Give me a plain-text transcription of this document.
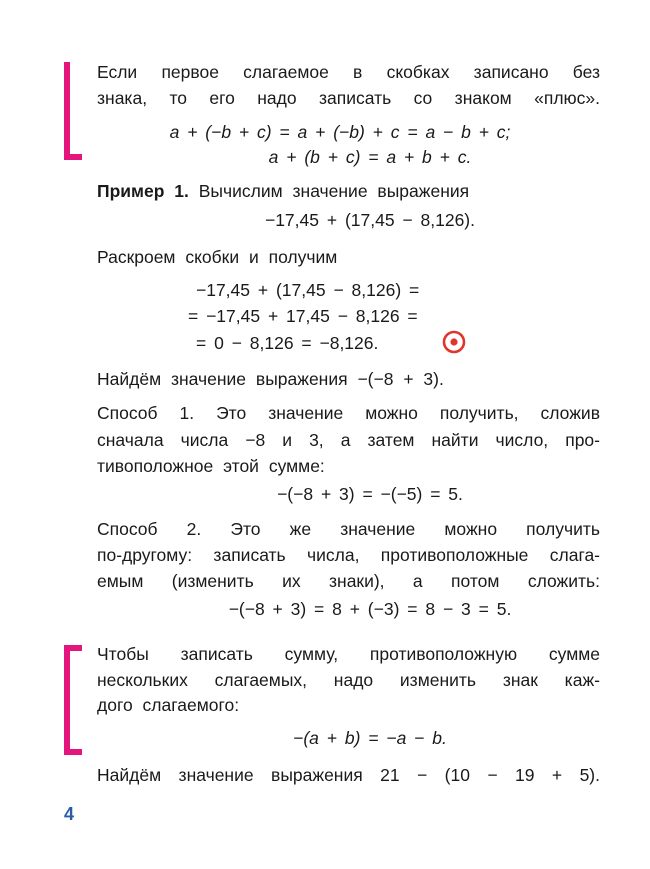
Если первое слагаемое в скобках записано без
знака, то его надо записать со знаком «плюс».
a + (−b + c) = a + (−b) + c = a − b + c;
a + (b + c) = a + b + c.
Пример 1. Вычислим значение выражения
−17,45 + (17,45 − 8,126).
Раскроем скобки и получим
−17,45 + (17,45 − 8,126) =
= −17,45 + 17,45 − 8,126 =
= 0 − 8,126 = −8,126.
Найдём значение выражения −(−8 + 3).
Способ 1. Это значение можно получить, сложив
сначала числа −8 и 3, а затем найти число, про-
тивоположное этой сумме:
−(−8 + 3) = −(−5) = 5.
Способ 2. Это же значение можно получить
по-другому: записать числа, противоположные слага-
емым (изменить их знаки), а потом сложить:
−(−8 + 3) = 8 + (−3) = 8 − 3 = 5.
Чтобы записать сумму, противоположную сумме
нескольких слагаемых, надо изменить знак каж-
дого слагаемого:
−(a + b) = −a − b.
Найдём значение выражения 21 − (10 − 19 + 5).
4
